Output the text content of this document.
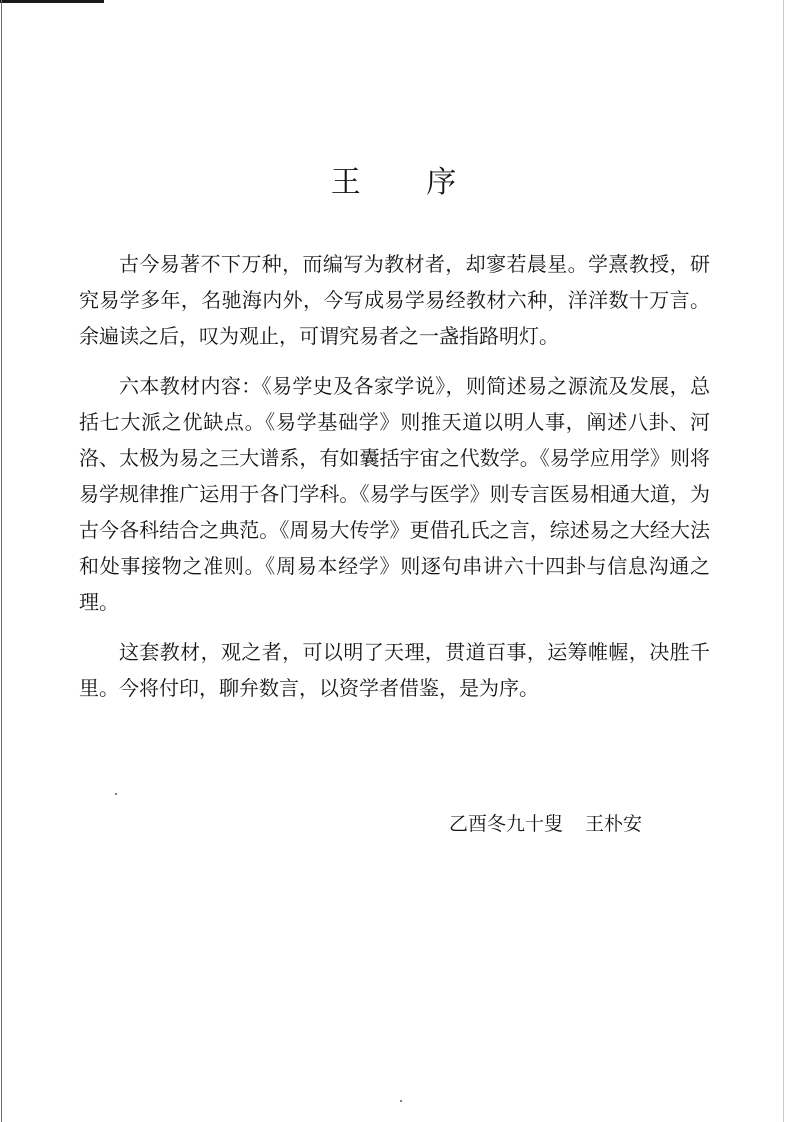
王 序

古今易著不下万种，而编写为教材者，却寥若晨星。学熹教授，研究易学多年，名驰海内外，今写成易学易经教材六种，洋洋数十万言。余遍读之后，叹为观止，可谓究易者之一盏指路明灯。

六本教材内容：《易学史及各家学说》，则简述易之源流及发展，总括七大派之优缺点。《易学基础学》则推天道以明人事，阐述八卦、河洛、太极为易之三大谱系，有如囊括宇宙之代数学。《易学应用学》则将易学规律推广运用于各门学科。《易学与医学》则专言医易相通大道，为古今各科结合之典范。《周易大传学》更借孔氏之言，综述易之大经大法和处事接物之准则。《周易本经学》则逐句串讲六十四卦与信息沟通之理。

这套教材，观之者，可以明了天理，贯道百事，运筹帷幄，决胜千里。今将付印，聊弁数言，以资学者借鉴，是为序。

乙酉冬九十叟 王朴安
